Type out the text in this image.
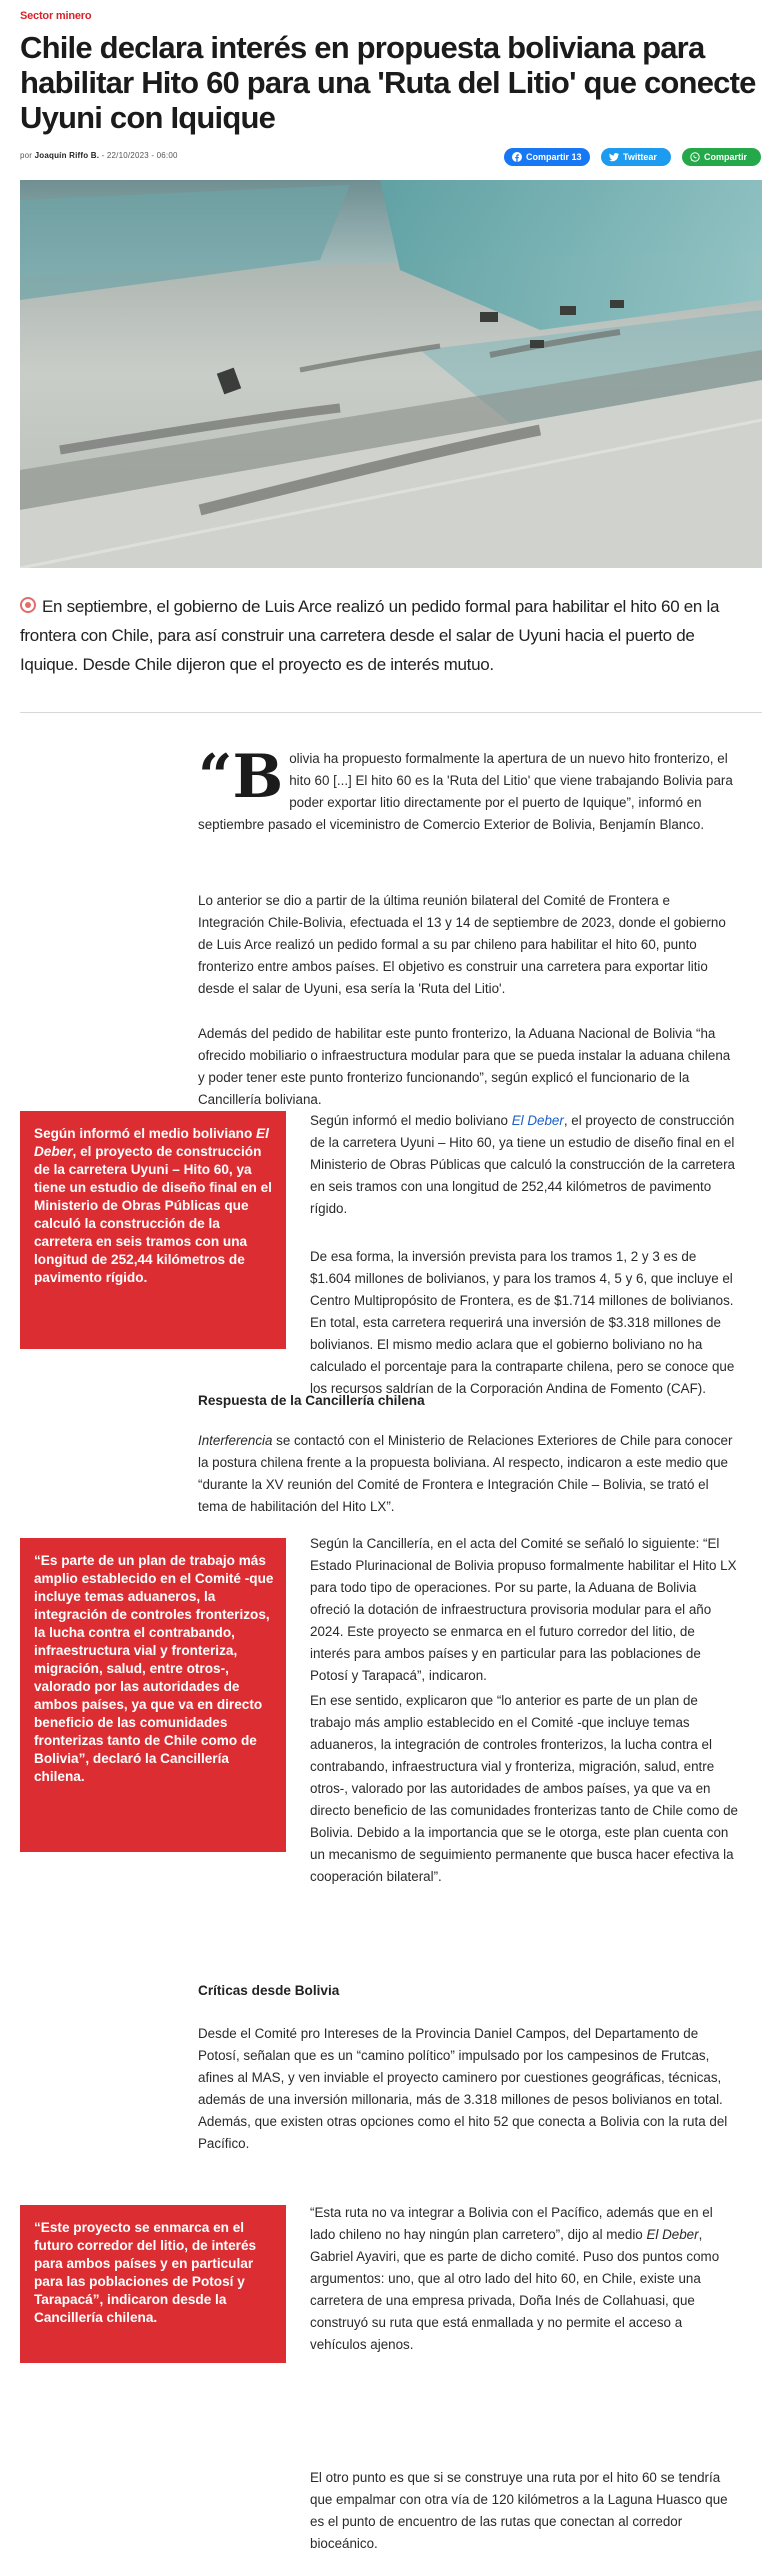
Sector minero
Chile declara interés en propuesta boliviana para habilitar Hito 60 para una 'Ruta del Litio' que conecte Uyuni con Iquique
por Joaquín Riffo B. - 22/10/2023 - 06:00	Compartir 13	Twittear	Compartir

En septiembre, el gobierno de Luis Arce realizó un pedido formal para habilitar el hito 60 en la frontera con Chile, para así construir una carretera desde el salar de Uyuni hacia el puerto de Iquique. Desde Chile dijeron que el proyecto es de interés mutuo.

“B olivia ha propuesto formalmente la apertura de un nuevo hito fronterizo, el hito 60 [...] El hito 60 es la 'Ruta del Litio' que viene trabajando Bolivia para poder exportar litio directamente por el puerto de Iquique”, informó en septiembre pasado el viceministro de Comercio Exterior de Bolivia, Benjamín Blanco.

Lo anterior se dio a partir de la última reunión bilateral del Comité de Frontera e Integración Chile-Bolivia, efectuada el 13 y 14 de septiembre de 2023, donde el gobierno de Luis Arce realizó un pedido formal a su par chileno para habilitar el hito 60, punto fronterizo entre ambos países. El objetivo es construir una carretera para exportar litio desde el salar de Uyuni, esa sería la 'Ruta del Litio'.
Además del pedido de habilitar este punto fronterizo, la Aduana Nacional de Bolivia “ha ofrecido mobiliario o infraestructura modular para que se pueda instalar la aduana chilena y poder tener este punto fronterizo funcionando”, según explicó el funcionario de la Cancillería boliviana.
Según informó el medio boliviano El Deber, el proyecto de construcción de la carretera Uyuni – Hito 60, ya tiene un estudio de diseño final en el Ministerio de Obras Públicas que calculó la construcción de la carretera en seis tramos con una longitud de 252,44 kilómetros de pavimento rígido.
Según informó el medio boliviano El Deber, el proyecto de construcción de la carretera Uyuni – Hito 60, ya tiene un estudio de diseño final en el Ministerio de Obras Públicas que calculó la construcción de la carretera en seis tramos con una longitud de 252,44 kilómetros de pavimento rígido.
De esa forma, la inversión prevista para los tramos 1, 2 y 3 es de $1.604 millones de bolivianos, y para los tramos 4, 5 y 6, que incluye el Centro Multipropósito de Frontera, es de $1.714 millones de bolivianos. En total, esta carretera requerirá una inversión de $3.318 millones de bolivianos. El mismo medio aclara que el gobierno boliviano no ha calculado el porcentaje para la contraparte chilena, pero se conoce que los recursos saldrían de la Corporación Andina de Fomento (CAF).
Respuesta de la Cancillería chilena
Interferencia se contactó con el Ministerio de Relaciones Exteriores de Chile para conocer la postura chilena frente a la propuesta boliviana. Al respecto, indicaron a este medio que “durante la XV reunión del Comité de Frontera e Integración Chile – Bolivia, se trató el tema de habilitación del Hito LX”.
“Es parte de un plan de trabajo más amplio establecido en el Comité -que incluye temas aduaneros, la integración de controles fronterizos, la lucha contra el contrabando, infraestructura vial y fronteriza, migración, salud, entre otros-, valorado por las autoridades de ambos países, ya que va en directo beneficio de las comunidades fronterizas tanto de Chile como de Bolivia”, declaró la Cancillería chilena.
Según la Cancillería, en el acta del Comité se señaló lo siguiente: “El Estado Plurinacional de Bolivia propuso formalmente habilitar el Hito LX para todo tipo de operaciones. Por su parte, la Aduana de Bolivia ofreció la dotación de infraestructura provisoria modular para el año 2024. Este proyecto se enmarca en el futuro corredor del litio, de interés para ambos países y en particular para las poblaciones de Potosí y Tarapacá”, indicaron.
En ese sentido, explicaron que “lo anterior es parte de un plan de trabajo más amplio establecido en el Comité -que incluye temas aduaneros, la integración de controles fronterizos, la lucha contra el contrabando, infraestructura vial y fronteriza, migración, salud, entre otros-, valorado por las autoridades de ambos países, ya que va en directo beneficio de las comunidades fronterizas tanto de Chile como de Bolivia. Debido a la importancia que se le otorga, este plan cuenta con un mecanismo de seguimiento permanente que busca hacer efectiva la cooperación bilateral”.
Críticas desde Bolivia
Desde el Comité pro Intereses de la Provincia Daniel Campos, del Departamento de Potosí, señalan que es un “camino político” impulsado por los campesinos de Frutcas, afines al MAS, y ven inviable el proyecto caminero por cuestiones geográficas, técnicas, además de una inversión millonaria, más de 3.318 millones de pesos bolivianos en total. Además, que existen otras opciones como el hito 52 que conecta a Bolivia con la ruta del Pacífico.
“Este proyecto se enmarca en el futuro corredor del litio, de interés para ambos países y en particular para las poblaciones de Potosí y Tarapacá”, indicaron desde la Cancillería chilena.
“Esta ruta no va integrar a Bolivia con el Pacífico, además que en el lado chileno no hay ningún plan carretero”, dijo al medio El Deber, Gabriel Ayaviri, que es parte de dicho comité. Puso dos puntos como argumentos: uno, que al otro lado del hito 60, en Chile, existe una carretera de una empresa privada, Doña Inés de Collahuasi, que construyó su ruta que está enmallada y no permite el acceso a vehículos ajenos.
El otro punto es que si se construye una ruta por el hito 60 se tendría que empalmar con otra vía de 120 kilómetros a la Laguna Huasco que es el punto de encuentro de las rutas que conectan al corredor bioceánico.
